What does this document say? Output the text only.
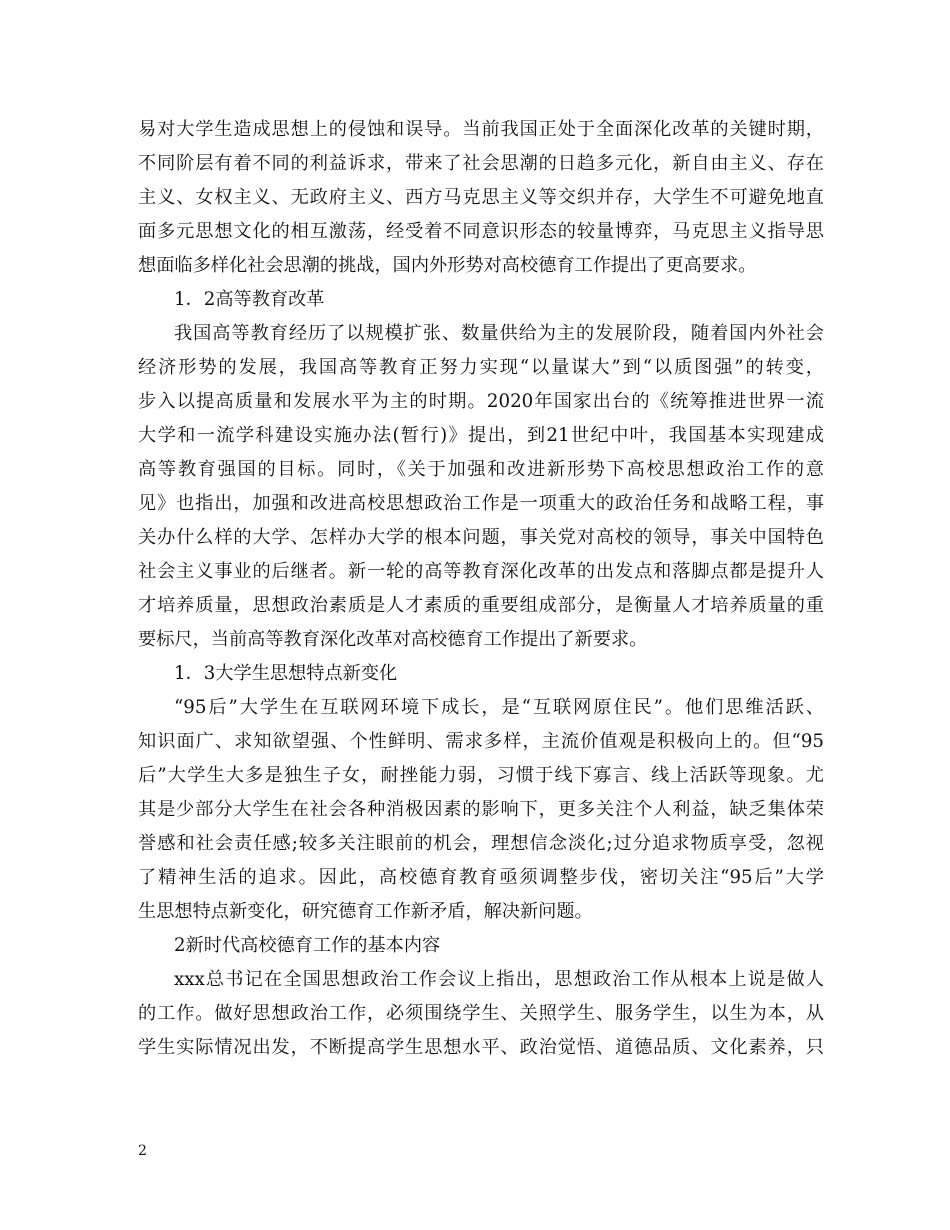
易对大学生造成思想上的侵蚀和误导。当前我国正处于全面深化改革的关键时期，
不同阶层有着不同的利益诉求，带来了社会思潮的日趋多元化，新自由主义、存在
主义、女权主义、无政府主义、西方马克思主义等交织并存，大学生不可避免地直
面多元思想文化的相互激荡，经受着不同意识形态的较量博弈，马克思主义指导思
想面临多样化社会思潮的挑战，国内外形势对高校德育工作提出了更高要求。
1．2高等教育改革
我国高等教育经历了以规模扩张、数量供给为主的发展阶段，随着国内外社会
经济形势的发展，我国高等教育正努力实现“以量谋大”到“以质图强”的转变，
步入以提高质量和发展水平为主的时期。2020年国家出台的《统筹推进世界一流
大学和一流学科建设实施办法(暂行)》提出，到21世纪中叶，我国基本实现建成
高等教育强国的目标。同时，《关于加强和改进新形势下高校思想政治工作的意
见》也指出，加强和改进高校思想政治工作是一项重大的政治任务和战略工程，事
关办什么样的大学、怎样办大学的根本问题，事关党对高校的领导，事关中国特色
社会主义事业的后继者。新一轮的高等教育深化改革的出发点和落脚点都是提升人
才培养质量，思想政治素质是人才素质的重要组成部分，是衡量人才培养质量的重
要标尺，当前高等教育深化改革对高校德育工作提出了新要求。
1．3大学生思想特点新变化
“95后”大学生在互联网环境下成长，是“互联网原住民”。他们思维活跃、
知识面广、求知欲望强、个性鲜明、需求多样，主流价值观是积极向上的。但“95
后”大学生大多是独生子女，耐挫能力弱，习惯于线下寡言、线上活跃等现象。尤
其是少部分大学生在社会各种消极因素的影响下，更多关注个人利益，缺乏集体荣
誉感和社会责任感;较多关注眼前的机会，理想信念淡化;过分追求物质享受，忽视
了精神生活的追求。因此，高校德育教育亟须调整步伐，密切关注“95后”大学
生思想特点新变化，研究德育工作新矛盾，解决新问题。
2新时代高校德育工作的基本内容
xxx总书记在全国思想政治工作会议上指出，思想政治工作从根本上说是做人
的工作。做好思想政治工作，必须围绕学生、关照学生、服务学生，以生为本，从
学生实际情况出发，不断提高学生思想水平、政治觉悟、道德品质、文化素养，只
2
